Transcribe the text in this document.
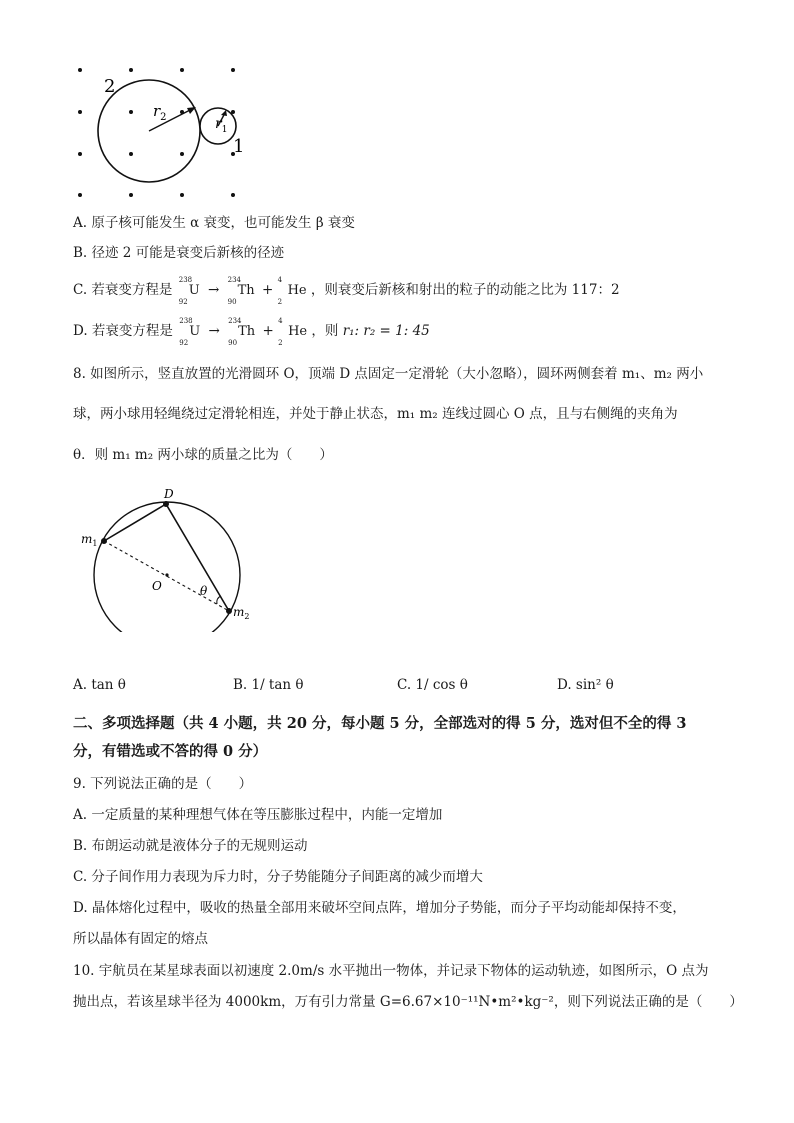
2
1
$r_2$	$r_1$
A. 原子核可能发生 α 衰变，也可能发生 β 衰变
B. 径迹 2 可能是衰变后新核的径迹
C. 若衰变方程是
238
92
U →
234
90
Th +
4
2
He ，则衰变后新核和射出的粒子的动能之比为 117：2
D. 若衰变方程是
238
92
U →
234
90
Th +
4
2
He ，则 r₁: r₂ = 1: 45
8. 如图所示，竖直放置的光滑圆环 O，顶端 D 点固定一定滑轮（大小忽略），圆环两侧套着 m₁、m₂ 两小
球，两小球用轻绳绕过定滑轮相连，并处于静止状态，m₁ m₂ 连线过圆心 O 点，且与右侧绳的夹角为
θ．则 m₁ m₂ 两小球的质量之比为（　　）
D
$m_1$
O	θ
$m_2$
A. tan θ	B. 1/ tan θ	C. 1/ cos θ	D. sin² θ
二、多项选择题（共 4 小题，共 20 分，每小题 5 分，全部选对的得 5 分，选对但不全的得 3
分，有错选或不答的得 0 分）
9. 下列说法正确的是（　　）
A. 一定质量的某种理想气体在等压膨胀过程中，内能一定增加
B. 布朗运动就是液体分子的无规则运动
C. 分子间作用力表现为斥力时，分子势能随分子间距离的减少而增大
D. 晶体熔化过程中，吸收的热量全部用来破坏空间点阵，增加分子势能，而分子平均动能却保持不变，
所以晶体有固定的熔点
10. 宇航员在某星球表面以初速度 2.0m/s 水平抛出一物体，并记录下物体的运动轨迹，如图所示，O 点为
抛出点，若该星球半径为 4000km，万有引力常量 G=6.67×10⁻¹¹N•m²•kg⁻²，则下列说法正确的是（　　）
